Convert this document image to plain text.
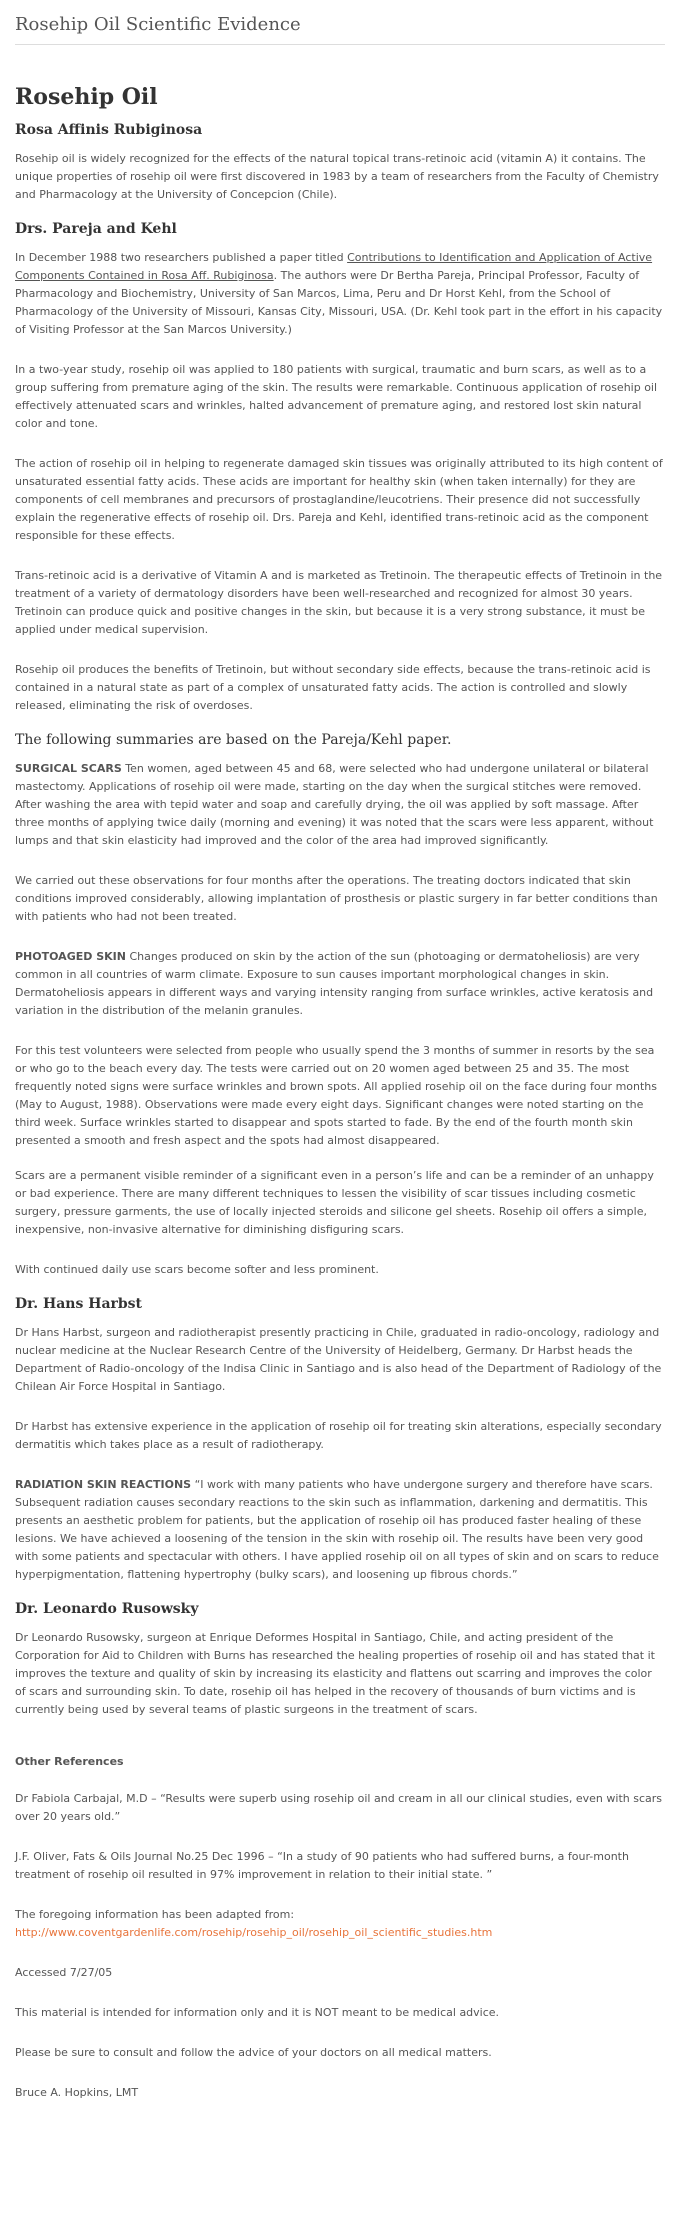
Rosehip Oil Scientific Evidence
Rosehip Oil
Rosa Affinis Rubiginosa
Rosehip oil is widely recognized for the effects of the natural topical trans-retinoic acid (vitamin A) it contains. The unique properties of rosehip oil were first discovered in 1983 by a team of researchers from the Faculty of Chemistry and Pharmacology at the University of Concepcion (Chile).
Drs. Pareja and Kehl
In December 1988 two researchers published a paper titled Contributions to Identification and Application of Active Components Contained in Rosa Aff. Rubiginosa. The authors were Dr Bertha Pareja, Principal Professor, Faculty of Pharmacology and Biochemistry, University of San Marcos, Lima, Peru and Dr Horst Kehl, from the School of Pharmacology of the University of Missouri, Kansas City, Missouri, USA. (Dr. Kehl took part in the effort in his capacity of Visiting Professor at the San Marcos University.)
In a two-year study, rosehip oil was applied to 180 patients with surgical, traumatic and burn scars, as well as to a group suffering from premature aging of the skin. The results were remarkable. Continuous application of rosehip oil effectively attenuated scars and wrinkles, halted advancement of premature aging, and restored lost skin natural color and tone.
The action of rosehip oil in helping to regenerate damaged skin tissues was originally attributed to its high content of unsaturated essential fatty acids. These acids are important for healthy skin (when taken internally) for they are components of cell membranes and precursors of prostaglandine/leucotriens. Their presence did not successfully explain the regenerative effects of rosehip oil. Drs. Pareja and Kehl, identified trans-retinoic acid as the component responsible for these effects.
Trans-retinoic acid is a derivative of Vitamin A and is marketed as Tretinoin. The therapeutic effects of Tretinoin in the treatment of a variety of dermatology disorders have been well-researched and recognized for almost 30 years. Tretinoin can produce quick and positive changes in the skin, but because it is a very strong substance, it must be applied under medical supervision.
Rosehip oil produces the benefits of Tretinoin, but without secondary side effects, because the trans-retinoic acid is contained in a natural state as part of a complex of unsaturated fatty acids. The action is controlled and slowly released, eliminating the risk of overdoses.
The following summaries are based on the Pareja/Kehl paper.
SURGICAL SCARS Ten women, aged between 45 and 68, were selected who had undergone unilateral or bilateral mastectomy. Applications of rosehip oil were made, starting on the day when the surgical stitches were removed. After washing the area with tepid water and soap and carefully drying, the oil was applied by soft massage. After three months of applying twice daily (morning and evening) it was noted that the scars were less apparent, without lumps and that skin elasticity had improved and the color of the area had improved significantly.
We carried out these observations for four months after the operations. The treating doctors indicated that skin conditions improved considerably, allowing implantation of prosthesis or plastic surgery in far better conditions than with patients who had not been treated.
PHOTOAGED SKIN Changes produced on skin by the action of the sun (photoaging or dermatoheliosis) are very common in all countries of warm climate. Exposure to sun causes important morphological changes in skin. Dermatoheliosis appears in different ways and varying intensity ranging from surface wrinkles, active keratosis and variation in the distribution of the melanin granules.
For this test volunteers were selected from people who usually spend the 3 months of summer in resorts by the sea or who go to the beach every day. The tests were carried out on 20 women aged between 25 and 35. The most frequently noted signs were surface wrinkles and brown spots. All applied rosehip oil on the face during four months (May to August, 1988). Observations were made every eight days. Significant changes were noted starting on the third week. Surface wrinkles started to disappear and spots started to fade. By the end of the fourth month skin presented a smooth and fresh aspect and the spots had almost disappeared.
Scars are a permanent visible reminder of a significant even in a person’s life and can be a reminder of an unhappy or bad experience. There are many different techniques to lessen the visibility of scar tissues including cosmetic surgery, pressure garments, the use of locally injected steroids and silicone gel sheets. Rosehip oil offers a simple, inexpensive, non-invasive alternative for diminishing disfiguring scars.
With continued daily use scars become softer and less prominent.
Dr. Hans Harbst
Dr Hans Harbst, surgeon and radiotherapist presently practicing in Chile, graduated in radio-oncology, radiology and nuclear medicine at the Nuclear Research Centre of the University of Heidelberg, Germany. Dr Harbst heads the Department of Radio-oncology of the Indisa Clinic in Santiago and is also head of the Department of Radiology of the Chilean Air Force Hospital in Santiago.
Dr Harbst has extensive experience in the application of rosehip oil for treating skin alterations, especially secondary dermatitis which takes place as a result of radiotherapy.
RADIATION SKIN REACTIONS “I work with many patients who have undergone surgery and therefore have scars. Subsequent radiation causes secondary reactions to the skin such as inflammation, darkening and dermatitis. This presents an aesthetic problem for patients, but the application of rosehip oil has produced faster healing of these lesions. We have achieved a loosening of the tension in the skin with rosehip oil. The results have been very good with some patients and spectacular with others. I have applied rosehip oil on all types of skin and on scars to reduce hyperpigmentation, flattening hypertrophy (bulky scars), and loosening up fibrous chords.”
Dr. Leonardo Rusowsky
Dr Leonardo Rusowsky, surgeon at Enrique Deformes Hospital in Santiago, Chile, and acting president of the Corporation for Aid to Children with Burns has researched the healing properties of rosehip oil and has stated that it improves the texture and quality of skin by increasing its elasticity and flattens out scarring and improves the color of scars and surrounding skin. To date, rosehip oil has helped in the recovery of thousands of burn victims and is currently being used by several teams of plastic surgeons in the treatment of scars.
Other References
Dr Fabiola Carbajal, M.D – “Results were superb using rosehip oil and cream in all our clinical studies, even with scars over 20 years old.”
J.F. Oliver, Fats & Oils Journal No.25 Dec 1996 – “In a study of 90 patients who had suffered burns, a four-month treatment of rosehip oil resulted in 97% improvement in relation to their initial state. ”
The foregoing information has been adapted from:
http://www.coventgardenlife.com/rosehip/rosehip_oil/rosehip_oil_scientific_studies.htm
Accessed 7/27/05
This material is intended for information only and it is NOT meant to be medical advice.
Please be sure to consult and follow the advice of your doctors on all medical matters.
Bruce A. Hopkins, LMT
